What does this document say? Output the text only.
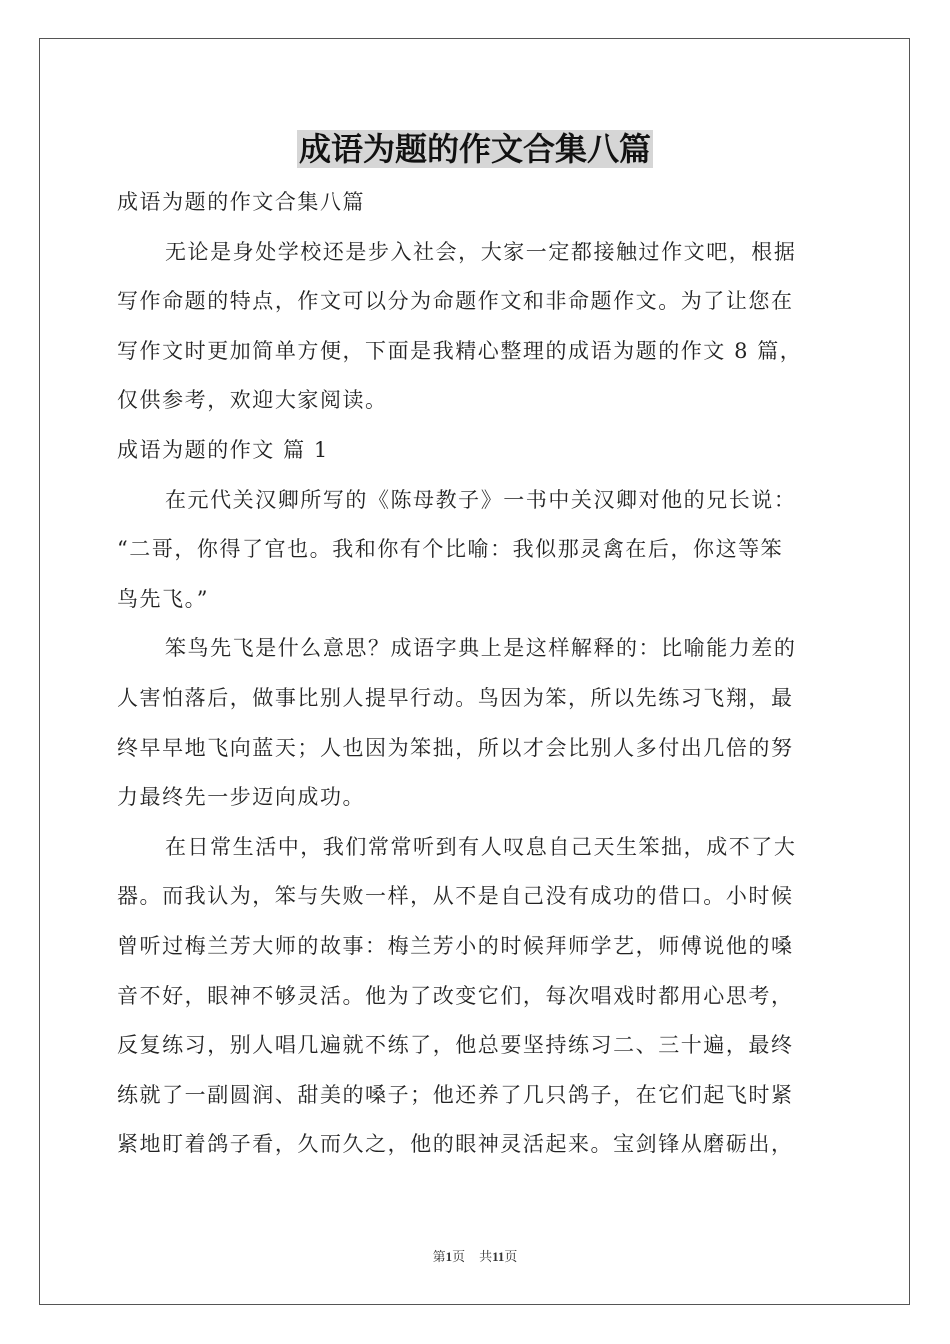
成语为题的作文合集八篇

成语为题的作文合集八篇

无论是身处学校还是步入社会，大家一定都接触过作文吧，根据

写作命题的特点，作文可以分为命题作文和非命题作文。为了让您在

写作文时更加简单方便，下面是我精心整理的成语为题的作文 8 篇，

仅供参考，欢迎大家阅读。

成语为题的作文 篇 1

在元代关汉卿所写的《陈母教子》一书中关汉卿对他的兄长说：

“二哥，你得了官也。我和你有个比喻：我似那灵禽在后，你这等笨

鸟先飞。”

笨鸟先飞是什么意思？成语字典上是这样解释的：比喻能力差的

人害怕落后，做事比别人提早行动。鸟因为笨，所以先练习飞翔，最

终早早地飞向蓝天；人也因为笨拙，所以才会比别人多付出几倍的努

力最终先一步迈向成功。

在日常生活中，我们常常听到有人叹息自己天生笨拙，成不了大

器。而我认为，笨与失败一样，从不是自己没有成功的借口。小时候

曾听过梅兰芳大师的故事：梅兰芳小的时候拜师学艺，师傅说他的嗓

音不好，眼神不够灵活。他为了改变它们，每次唱戏时都用心思考，

反复练习，别人唱几遍就不练了，他总要坚持练习二、三十遍，最终

练就了一副圆润、甜美的嗓子；他还养了几只鸽子，在它们起飞时紧

紧地盯着鸽子看，久而久之，他的眼神灵活起来。宝剑锋从磨砺出，

第1页 共11页
